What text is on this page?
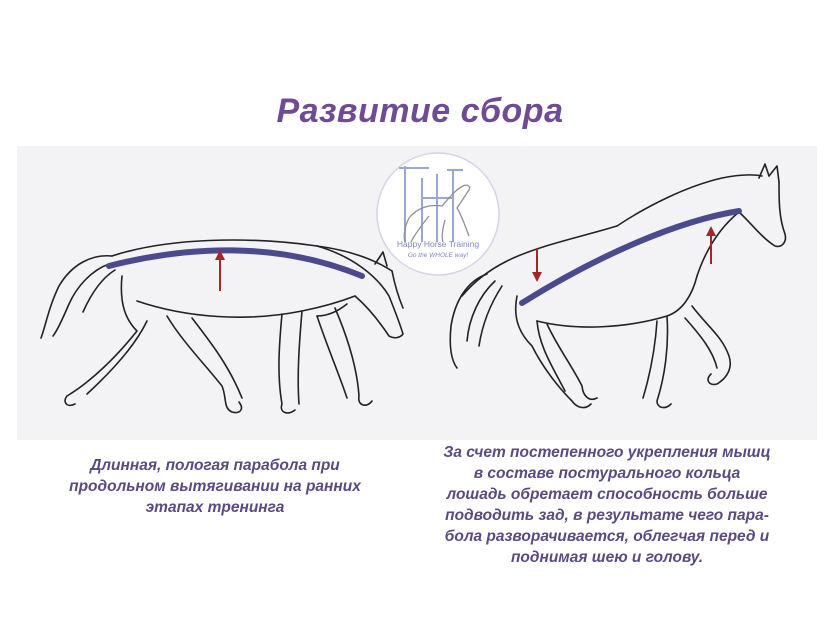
Развитие сбора
Happy Horse Training
Go the WHOLE way!
Длинная, пологая парабола при
продольном вытягивании на ранних
этапах тренинга
За счет постепенного укрепления мышц
в составе постурального кольца
лошадь обретает способность больше
подводить зад, в результате чего пара-
бола разворачивается, облегчая перед и
поднимая шею и голову.
